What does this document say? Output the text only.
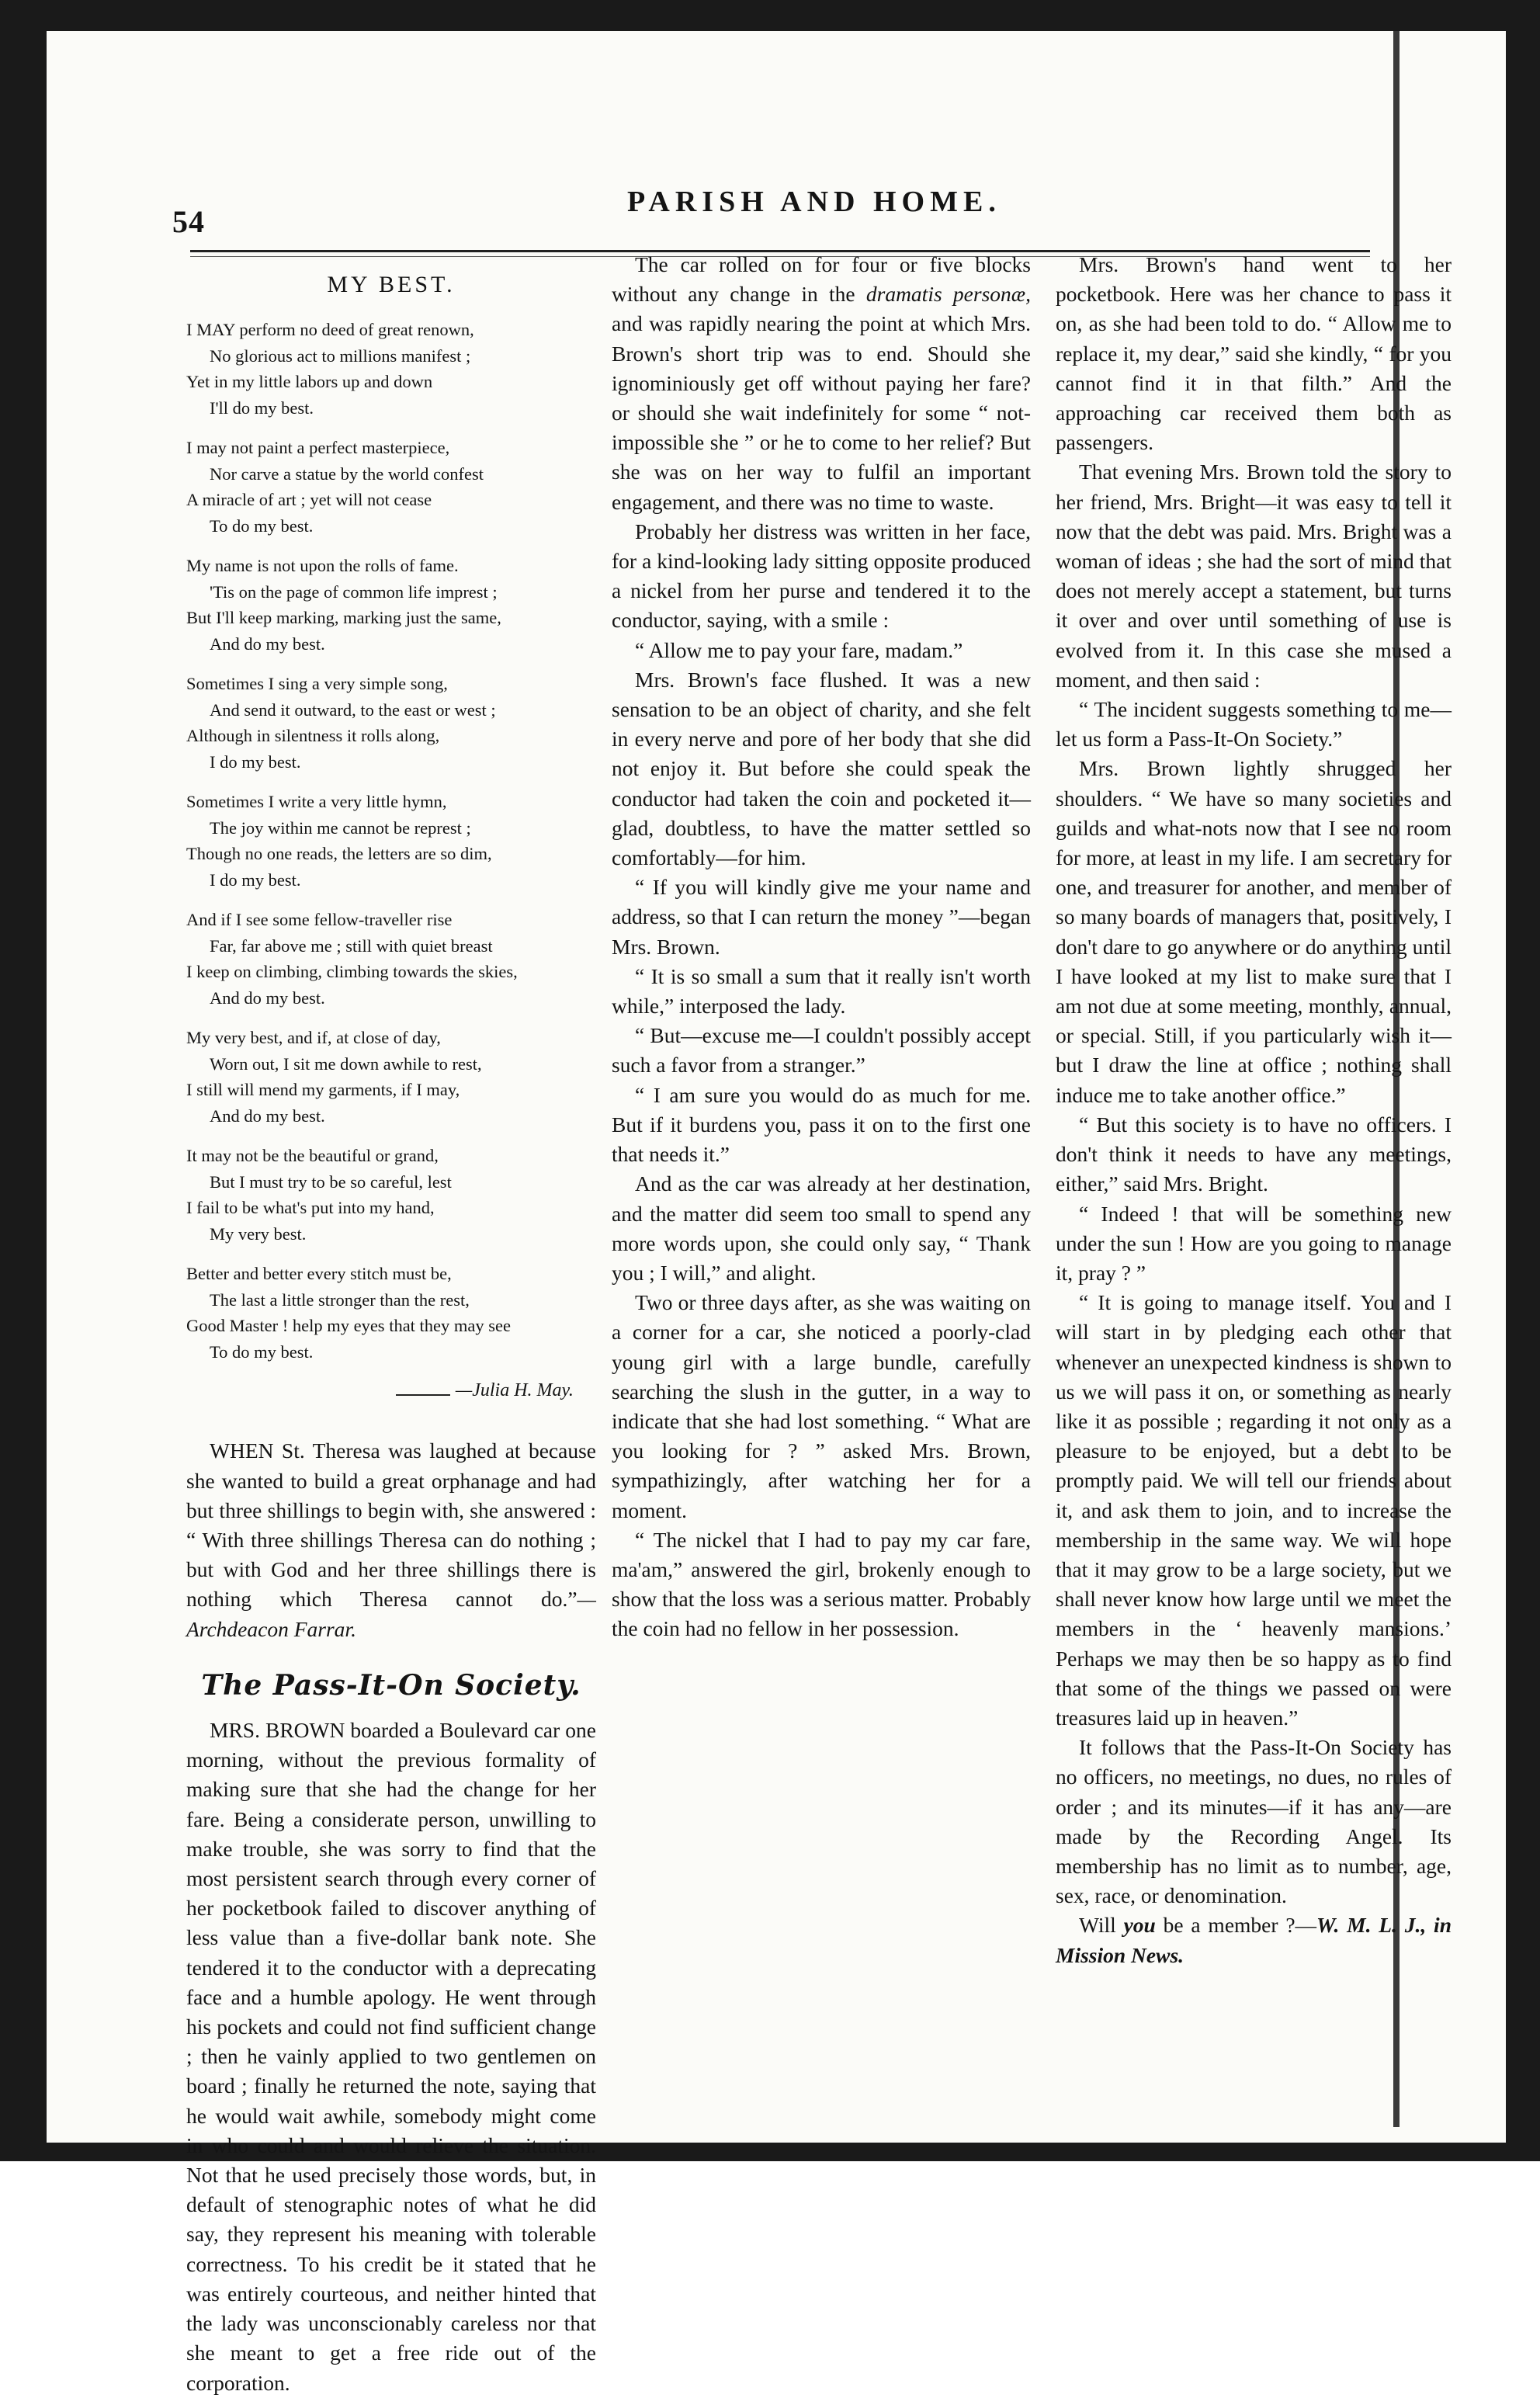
54
PARISH AND HOME.
MY BEST.
I MAY perform no deed of great renown,
No glorious act to millions manifest ;
Yet in my little labors up and down
I'll do my best.
I may not paint a perfect masterpiece,
Nor carve a statue by the world confest
A miracle of art ; yet will not cease
To do my best.
My name is not upon the rolls of fame.
'Tis on the page of common life imprest ;
But I'll keep marking, marking just the same,
And do my best.
Sometimes I sing a very simple song,
And send it outward, to the east or west ;
Although in silentness it rolls along,
I do my best.
Sometimes I write a very little hymn,
The joy within me cannot be represt ;
Though no one reads, the letters are so dim,
I do my best.
And if I see some fellow-traveller rise
Far, far above me ; still with quiet breast
I keep on climbing, climbing towards the skies,
And do my best.
My very best, and if, at close of day,
Worn out, I sit me down awhile to rest,
I still will mend my garments, if I may,
And do my best.
It may not be the beautiful or grand,
But I must try to be so careful, lest
I fail to be what's put into my hand,
My very best.
Better and better every stitch must be,
The last a little stronger than the rest,
Good Master ! help my eyes that they may see
To do my best.
—Julia H. May.

WHEN St. Theresa was laughed at because she wanted to build a great orphanage and had but three shillings to begin with, she answered : “ With three shillings Theresa can do nothing ; but with God and her three shillings there is nothing which Theresa cannot do.”—Archdeacon Farrar.

The Pass-It-On Society.

MRS. BROWN boarded a Boulevard car one morning, without the previous formality of making sure that she had the change for her fare. Being a considerate person, unwilling to make trouble, she was sorry to find that the most persistent search through every corner of her pocketbook failed to discover anything of less value than a five-dollar bank note. She tendered it to the conductor with a deprecating face and a humble apology. He went through his pockets and could not find sufficient change ; then he vainly applied to two gentlemen on board ; finally he returned the note, saying that he would wait awhile, somebody might come in who could and would relieve the situation. Not that he used precisely those words, but, in default of stenographic notes of what he did say, they represent his meaning with tolerable correctness. To his credit be it stated that he was entirely courteous, and neither hinted that the lady was unconscionably careless nor that she meant to get a free ride out of the corporation.

The car rolled on for four or five blocks without any change in the dramatis personæ, and was rapidly nearing the point at which Mrs. Brown's short trip was to end. Should she ignominiously get off without paying her fare? or should she wait indefinitely for some “ not-impossible she ” or he to come to her relief? But she was on her way to fulfil an important engagement, and there was no time to waste.

Probably her distress was written in her face, for a kind-looking lady sitting opposite produced a nickel from her purse and tendered it to the conductor, saying, with a smile :

“ Allow me to pay your fare, madam.”

Mrs. Brown's face flushed. It was a new sensation to be an object of charity, and she felt in every nerve and pore of her body that she did not enjoy it. But before she could speak the conductor had taken the coin and pocketed it—glad, doubtless, to have the matter settled so comfortably—for him.

“ If you will kindly give me your name and address, so that I can return the money ”—began Mrs. Brown.

“ It is so small a sum that it really isn't worth while,” interposed the lady.

“ But—excuse me—I couldn't possibly accept such a favor from a stranger.”

“ I am sure you would do as much for me. But if it burdens you, pass it on to the first one that needs it.”

And as the car was already at her destination, and the matter did seem too small to spend any more words upon, she could only say, “ Thank you ; I will,” and alight.

Two or three days after, as she was waiting on a corner for a car, she noticed a poorly-clad young girl with a large bundle, carefully searching the slush in the gutter, in a way to indicate that she had lost something. “ What are you looking for ? ” asked Mrs. Brown, sympathizingly, after watching her for a moment.

“ The nickel that I had to pay my car fare, ma'am,” answered the girl, brokenly enough to show that the loss was a serious matter. Probably the coin had no fellow in her possession.

Mrs. Brown's hand went to her pocketbook. Here was her chance to pass it on, as she had been told to do. “ Allow me to replace it, my dear,” said she kindly, “ for you cannot find it in that filth.” And the approaching car received them both as passengers.

That evening Mrs. Brown told the story to her friend, Mrs. Bright—it was easy to tell it now that the debt was paid. Mrs. Bright was a woman of ideas ; she had the sort of mind that does not merely accept a statement, but turns it over and over until something of use is evolved from it. In this case she mused a moment, and then said :

“ The incident suggests something to me—let us form a Pass-It-On Society.”

Mrs. Brown lightly shrugged her shoulders. “ We have so many societies and guilds and what-nots now that I see no room for more, at least in my life. I am secretary for one, and treasurer for another, and member of so many boards of managers that, positively, I don't dare to go anywhere or do anything until I have looked at my list to make sure that I am not due at some meeting, monthly, annual, or special. Still, if you particularly wish it—but I draw the line at office ; nothing shall induce me to take another office.”

“ But this society is to have no officers. I don't think it needs to have any meetings, either,” said Mrs. Bright.

“ Indeed ! that will be something new under the sun ! How are you going to manage it, pray ? ”

“ It is going to manage itself. You and I will start in by pledging each other that whenever an unexpected kindness is shown to us we will pass it on, or something as nearly like it as possible ; regarding it not only as a pleasure to be enjoyed, but a debt to be promptly paid. We will tell our friends about it, and ask them to join, and to increase the membership in the same way. We will hope that it may grow to be a large society, but we shall never know how large until we meet the members in the ‘ heavenly mansions.’ Perhaps we may then be so happy as to find that some of the things we passed on were treasures laid up in heaven.”

It follows that the Pass-It-On Society has no officers, no meetings, no dues, no rules of order ; and its minutes—if it has any—are made by the Recording Angel. Its membership has no limit as to number, age, sex, race, or denomination.

Will you be a member ?—W. M. L. J., in Mission News.
